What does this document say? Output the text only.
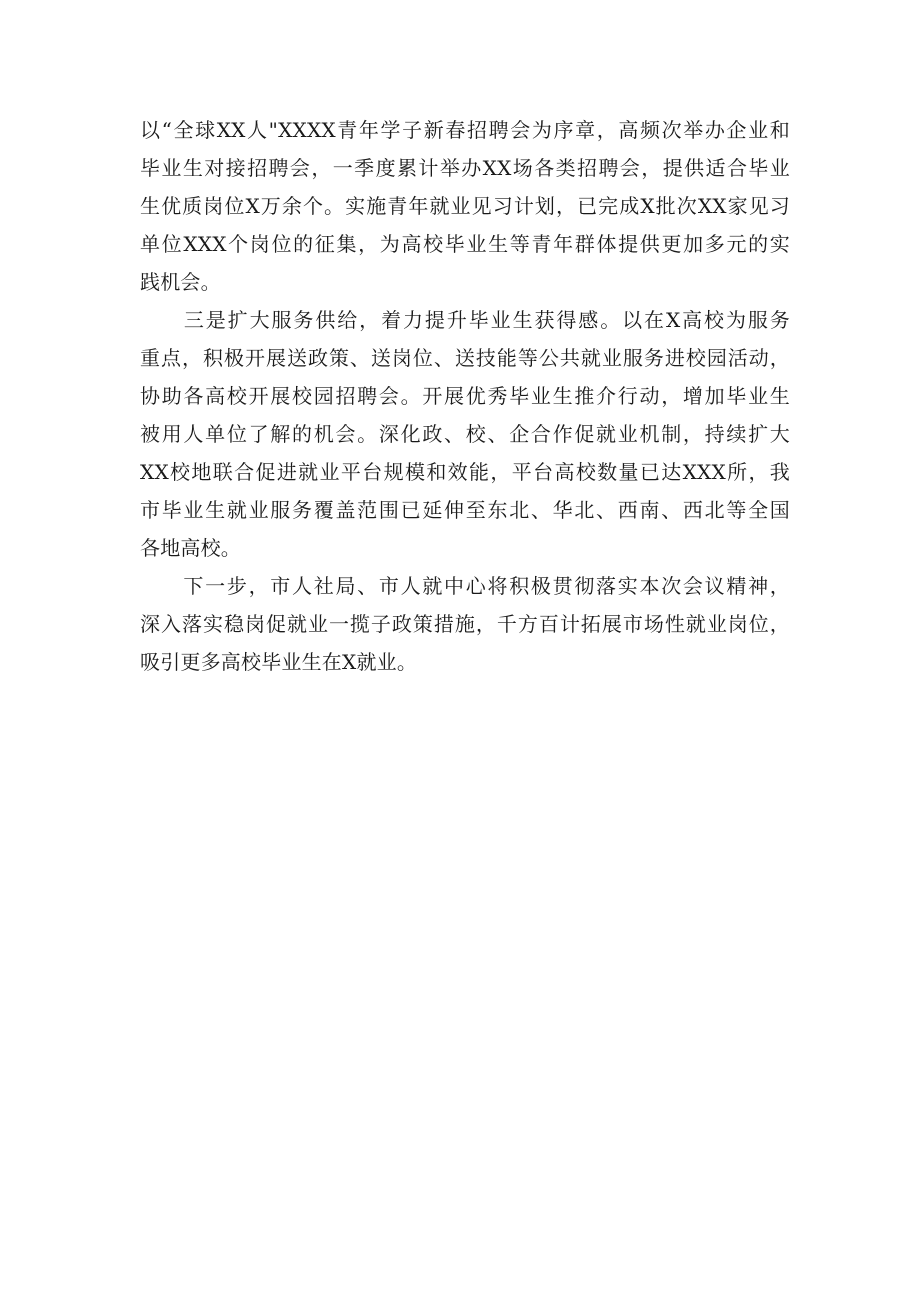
以“全球XX人"XXXX青年学子新春招聘会为序章，高频次举办企业和
毕业生对接招聘会，一季度累计举办XX场各类招聘会，提供适合毕业
生优质岗位X万余个。实施青年就业见习计划，已完成X批次XX家见习
单位XXX个岗位的征集，为高校毕业生等青年群体提供更加多元的实
践机会。
　　三是扩大服务供给，着力提升毕业生获得感。以在X高校为服务
重点，积极开展送政策、送岗位、送技能等公共就业服务进校园活动，
协助各高校开展校园招聘会。开展优秀毕业生推介行动，增加毕业生
被用人单位了解的机会。深化政、校、企合作促就业机制，持续扩大
XX校地联合促进就业平台规模和效能，平台高校数量已达XXX所，我
市毕业生就业服务覆盖范围已延伸至东北、华北、西南、西北等全国
各地高校。
　　下一步，市人社局、市人就中心将积极贯彻落实本次会议精神，
深入落实稳岗促就业一揽子政策措施，千方百计拓展市场性就业岗位，
吸引更多高校毕业生在X就业。
